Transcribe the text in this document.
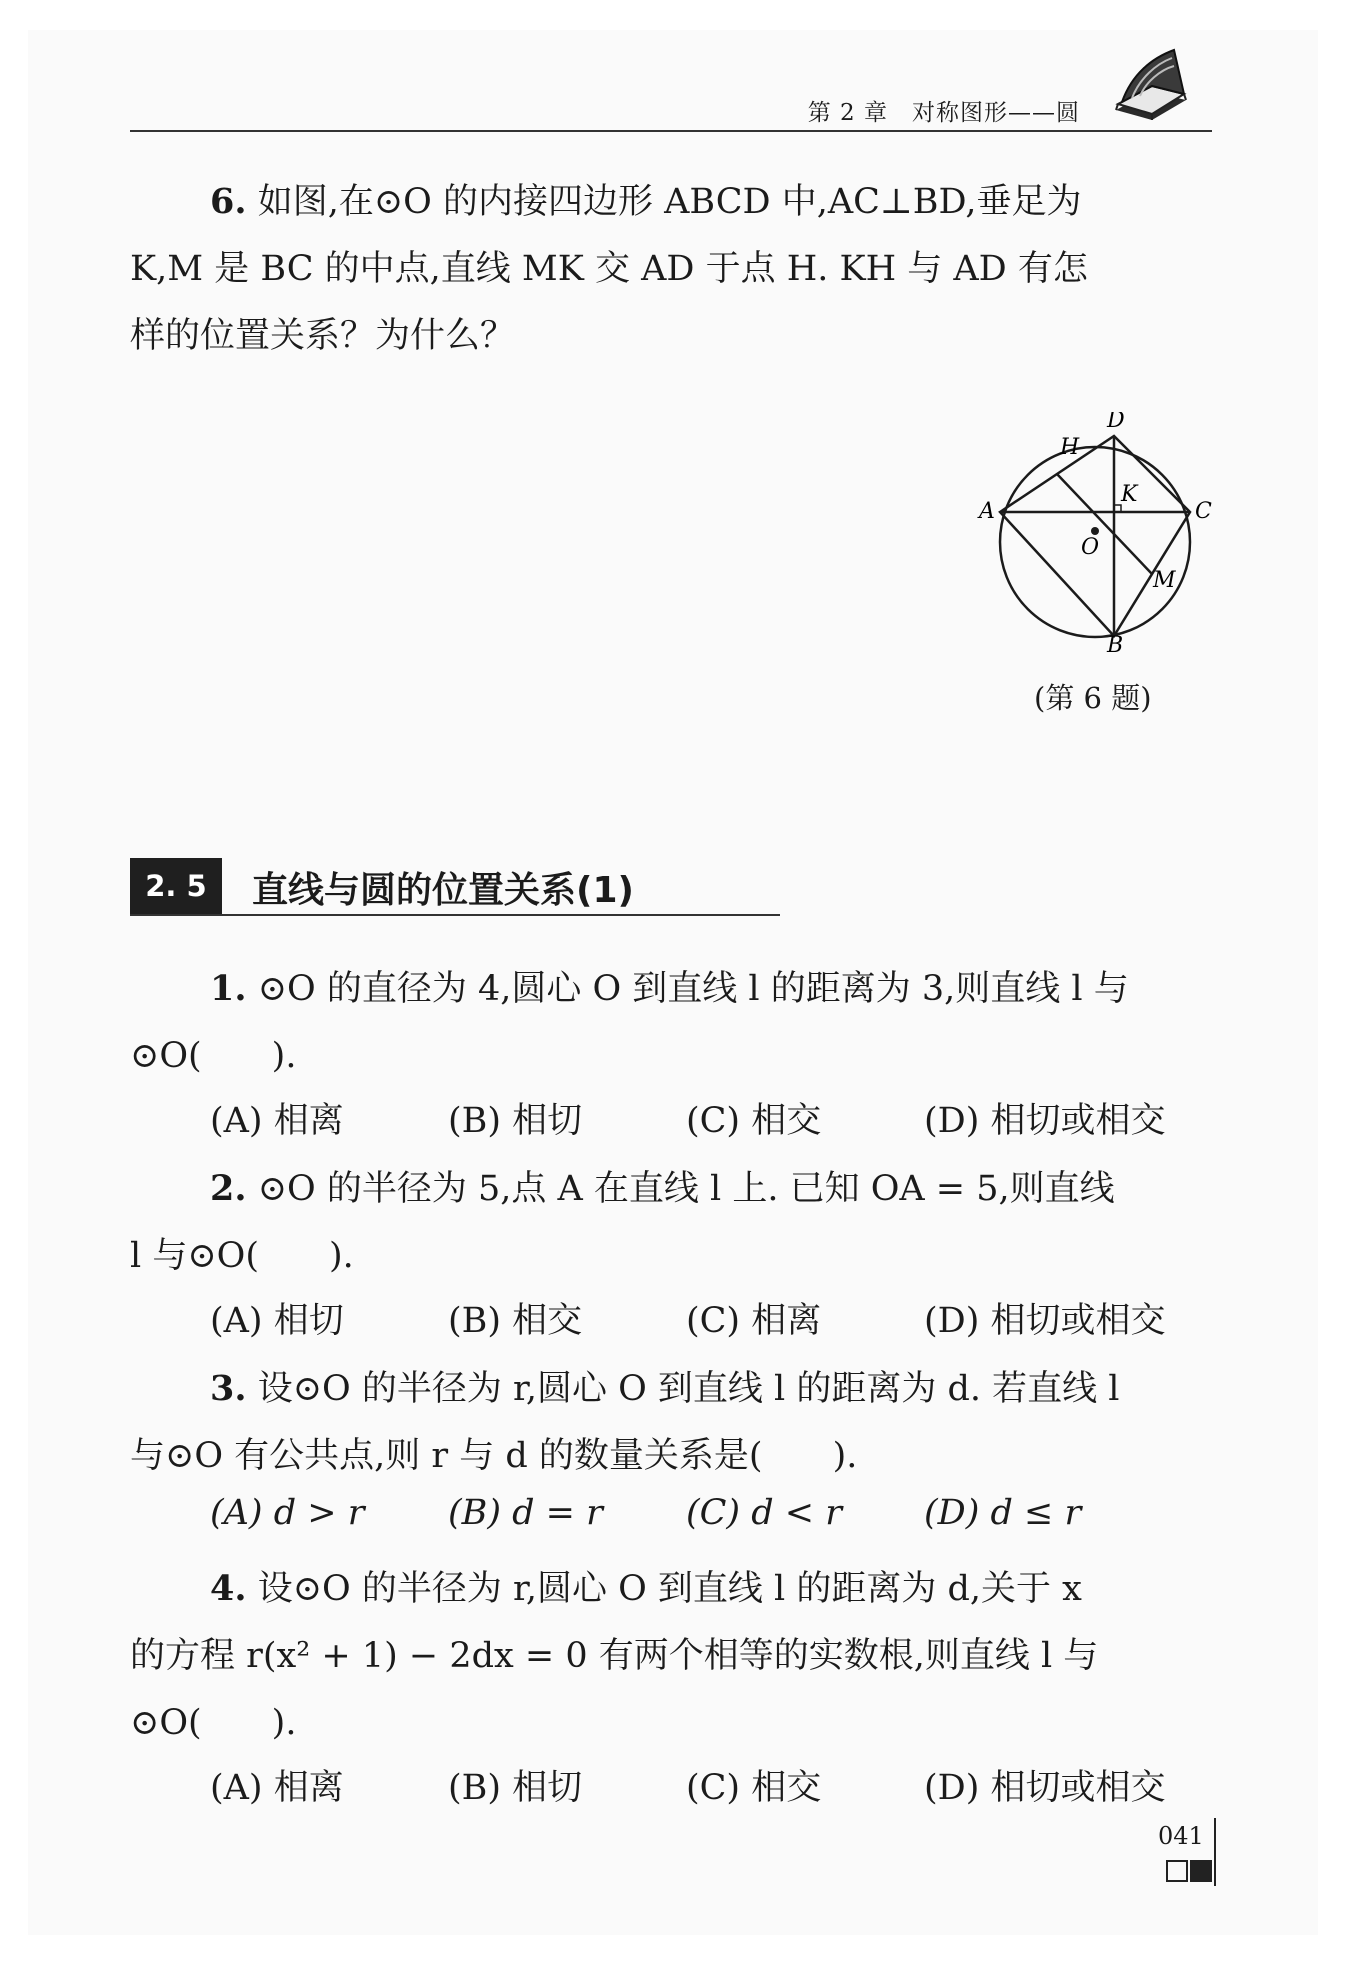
第 2 章　对称图形——圆
6. 如图,在⊙O 的内接四边形 ABCD 中,AC⊥BD,垂足为
K,M 是 BC 的中点,直线 MK 交 AD 于点 H. KH 与 AD 有怎
样的位置关系？为什么？
A
D
C
B
H
K
M
O
(第 6 题)
2. 5	直线与圆的位置关系(1)
1. ⊙O 的直径为 4,圆心 O 到直线 l 的距离为 3,则直线 l 与
⊙O(　　).
(A) 相离	(B) 相切	(C) 相交	(D) 相切或相交
2. ⊙O 的半径为 5,点 A 在直线 l 上. 已知 OA = 5,则直线
l 与⊙O(　　).
(A) 相切	(B) 相交	(C) 相离	(D) 相切或相交
3. 设⊙O 的半径为 r,圆心 O 到直线 l 的距离为 d. 若直线 l
与⊙O 有公共点,则 r 与 d 的数量关系是(　　).
(A) d > r (B) d = r (C) d < r (D) d ≤ r
4. 设⊙O 的半径为 r,圆心 O 到直线 l 的距离为 d,关于 x
的方程 r(x² + 1) − 2dx = 0 有两个相等的实数根,则直线 l 与
⊙O(　　).
(A) 相离	(B) 相切	(C) 相交	(D) 相切或相交
041
